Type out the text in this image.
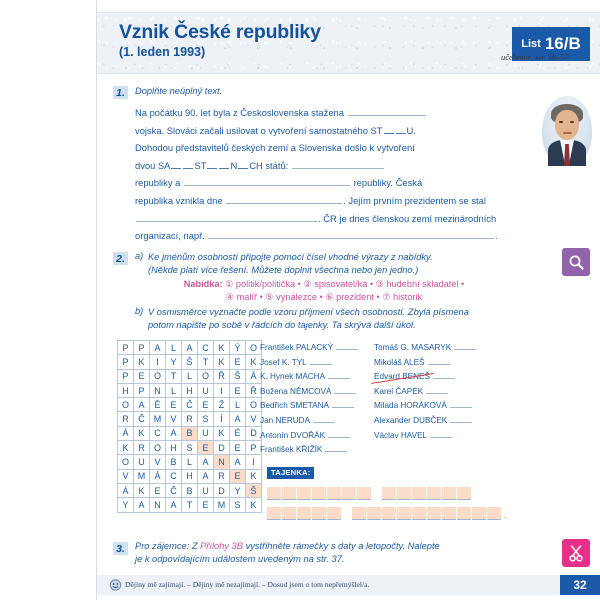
Vznik České republiky
(1. leden 1993)
List 16/B
učebnice, str. 56–57
1.	Doplňte neúplný text.
Na počátku 90. let byla z Československa stažena
vojska. Slováci začali usilovat o vytvoření samostatného ST	U.
Dohodou představitelů českých zemí a Slovenska došlo k vytvoření
dvou SA	ST	N CH států:
republiky a	republiky. Česká
republika vznikla dne	. Jejím prvním prezidentem se stal
. ČR je dnes členskou zemí mezinárodních
organizací, např.	.
2.	a) Ke jménům osobností připojte pomocí čísel vhodné výrazy z nabídky.
(Někde platí více řešení. Můžete doplnit všechna nebo jen jedno.)
Nabídka: ① politik/politička • ② spisovatel/ka • ③ hudební skladatel •
④ malíř • ⑤ vynálezce • ⑥ prezident • ⑦ historik
b) V osmisměrce vyznačte podle vzoru příjmení všech osobností. Zbylá písmena
potom napište po sobě v řádcích do tajenky. Ta skrývá další úkol.
P	P	A	L	A	C	K	Ý	O
P	K	I	Y	Š	T	K	E	K
P	E	O	T	L	O	Ř	Š	Á
H	P	N	L	H	U	I	E	Ř
O	A	Ě	E	Č	E	Ž	L	O
R	Č	M	V	R	S	Í	A	V
Á	K	C	A	B	U	K	É	D
K	R	O	H	S	E	D	E	P
O	U	V	B	L	A	N	A	I
V	M	Á	C	H	A	R	E	K
Á	K	E	Č	B	U	D	Y	Š
Y	A	N	A	T	E	M	S	K
František PALACKÝ
Josef K. TYL
K. Hynek MÁCHA
Božena NĚMCOVÁ
Bedřich SMETANA
Jan NERUDA
Antonín DVOŘÁK
František KŘIŽÍK
Tomáš G. MASARYK
Mikoláš ALEŠ
Edvard BENEŠ
Karel ČAPEK
Milada HORÁKOVÁ
Alexander DUBČEK
Václav HAVEL
TAJENKA:
.
3.	Pro zájemce: Z Přílohy 3B vystřihněte rámečky s daty a letopočty. Nalepte
je k odpovídajícím událostem uvedeným na str. 37.
Dějiny mě zajímají. – Dějiny mě nezajímají. – Dosud jsem o tom nepřemýšlel/a.	32
